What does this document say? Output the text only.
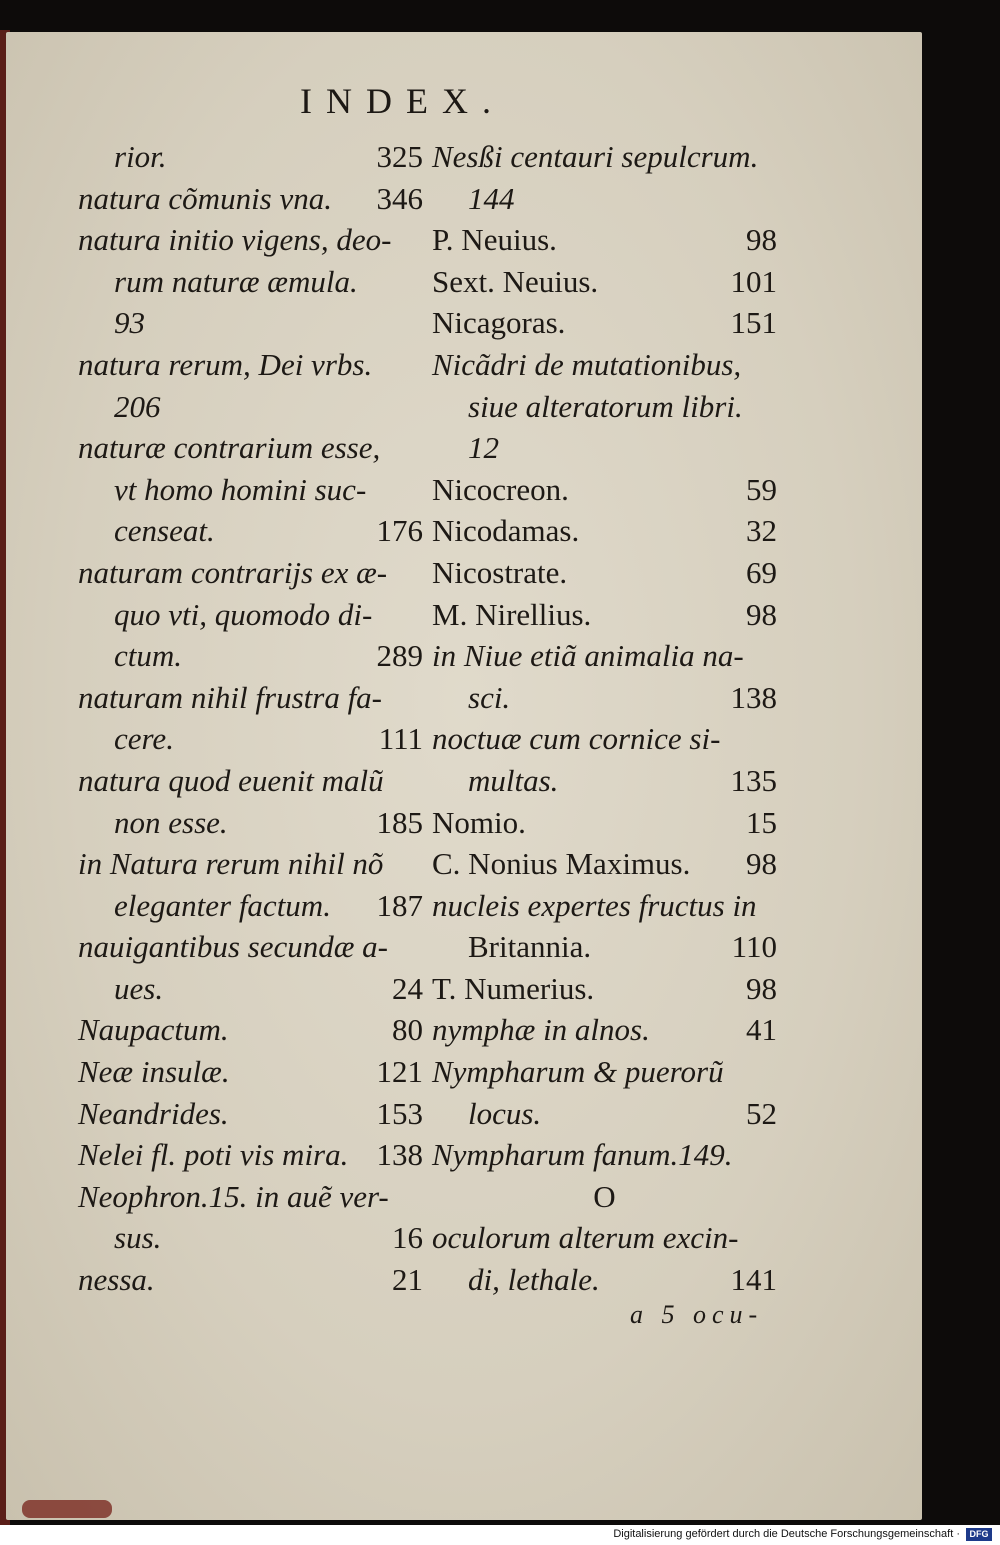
INDEX.
rior.	325
natura cõmunis vna. 346
natura initio vigens, deo-
rum naturæ æmula.
93
natura rerum, Dei vrbs.
206
naturæ contrarium esse,
vt homo homini suc-
censeat.	176
naturam contrarijs ex æ-
quo vti, quomodo di-
ctum.	289
naturam nihil frustra fa-
cere.	111
natura quod euenit malũ
non esse.	185
in Natura rerum nihil nõ
eleganter factum. 187
nauigantibus secundæ a-
ues.	24
Naupactum.	80
Neæ insulæ.	121
Neandrides.	153
Nelei fl. poti vis mira. 138
Neophron.15. in auẽ ver-
sus.	16
nessa.	21
Nesßi centauri sepulcrum.
144
P. Neuius.	98
Sext. Neuius.	101
Nicagoras.	151
Nicãdri de mutationibus,
siue alteratorum libri.
12
Nicocreon.	59
Nicodamas.	32
Nicostrate.	69
M. Nirellius.	98
in Niue etiã animalia na-
sci.	138
noctuæ cum cornice si-
multas.	135
Nomio.	15
C. Nonius Maximus. 98
nucleis expertes fructus in
Britannia.	110
T. Numerius.	98
nymphæ in alnos.	41
Nympharum & puerorũ
locus.	52
Nympharum fanum.149.
O
oculorum alterum excin-
di, lethale.	141
a 5 ocu-
Digitalisierung gefördert durch die Deutsche Forschungsgemeinschaft ·	DFG
